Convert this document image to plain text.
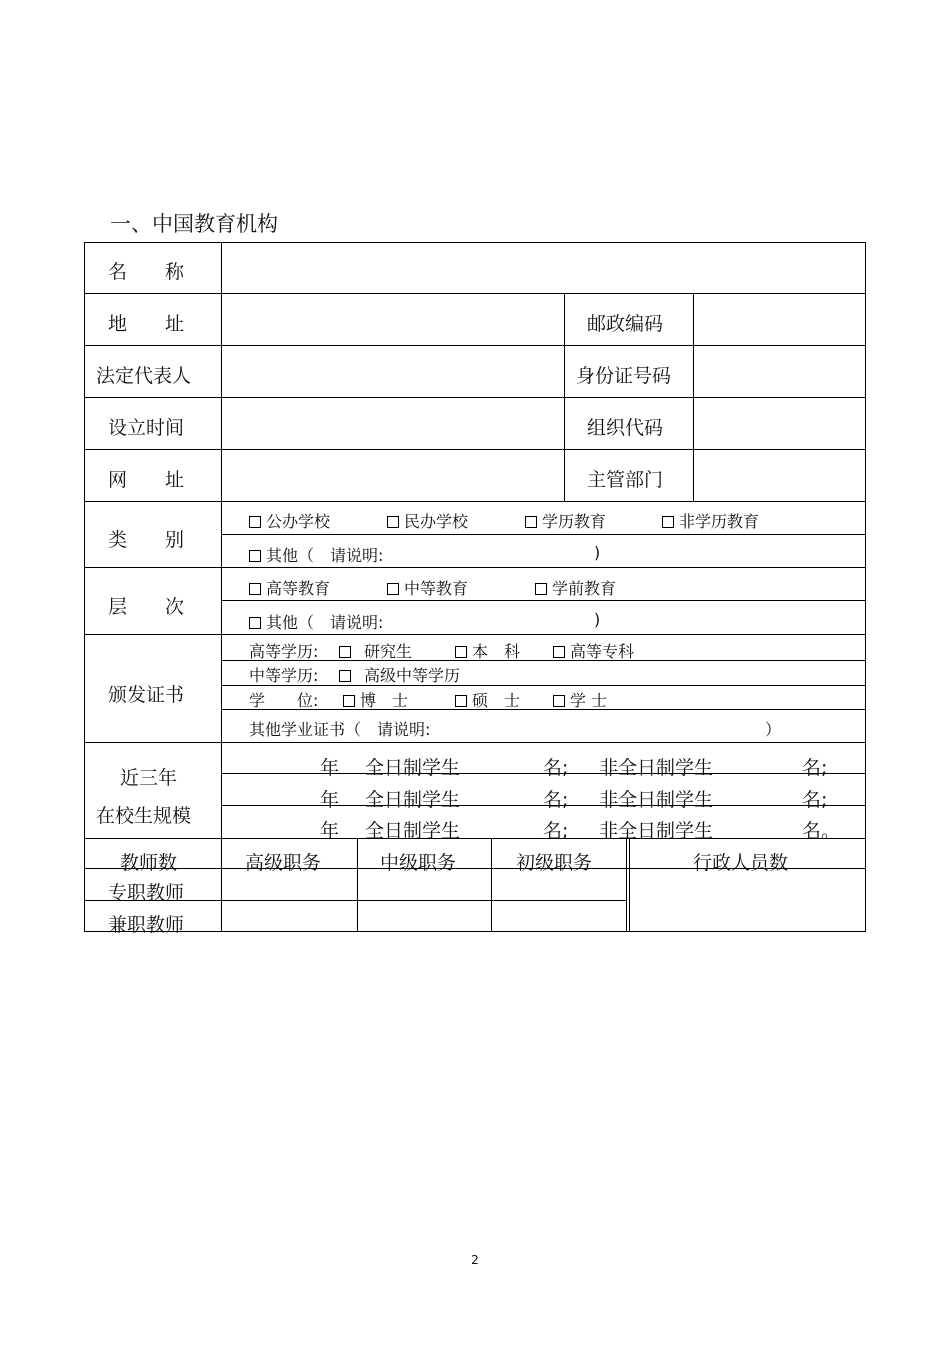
一、中国教育机构
名　　称
地　　址	邮政编码
法定代表人	身份证号码
设立时间	组织代码
网　　址	主管部门
类　　别
公办学校	民办学校	学历教育	非学历教育
其他（　请说明:	)
层　　次
高等教育	中等教育	学前教育
其他（　请说明:	)
颁发证书
高等学历:	研究生	本　科	高等专科
中等学历:	高级中等学历
学　　位:	博　士	硕　士	学 士
其他学业证书（　请说明:	）
近三年
在校生规模
年 全日制学生	名; 非全日制学生	名;
年 全日制学生	名; 非全日制学生	名;
年 全日制学生	名; 非全日制学生	名。
教师数	高级职务	中级职务	初级职务	行政人员数
专职教师
兼职教师
2
